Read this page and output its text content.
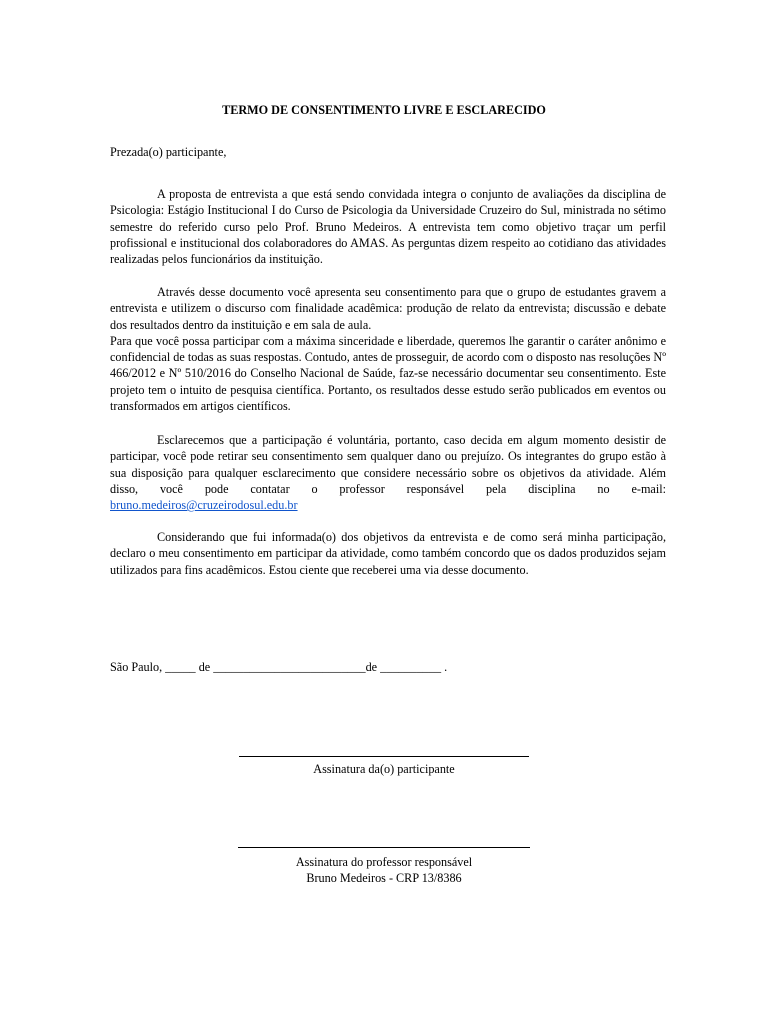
TERMO DE CONSENTIMENTO LIVRE E ESCLARECIDO

Prezada(o) participante,

A proposta de entrevista a que está sendo convidada integra o conjunto de avaliações da disciplina de Psicologia: Estágio Institucional I do Curso de Psicologia da Universidade Cruzeiro do Sul, ministrada no sétimo semestre do referido curso pelo Prof. Bruno Medeiros. A entrevista tem como objetivo traçar um perfil profissional e institucional dos colaboradores do AMAS. As perguntas dizem respeito ao cotidiano das atividades realizadas pelos funcionários da instituição.

Através desse documento você apresenta seu consentimento para que o grupo de estudantes gravem a entrevista e utilizem o discurso com finalidade acadêmica: produção de relato da entrevista; discussão e debate dos resultados dentro da instituição e em sala de aula.

Para que você possa participar com a máxima sinceridade e liberdade, queremos lhe garantir o caráter anônimo e confidencial de todas as suas respostas. Contudo, antes de prosseguir, de acordo com o disposto nas resoluções Nº 466/2012 e Nº 510/2016 do Conselho Nacional de Saúde, faz-se necessário documentar seu consentimento. Este projeto tem o intuito de pesquisa científica. Portanto, os resultados desse estudo serão publicados em eventos ou transformados em artigos científicos.

Esclarecemos que a participação é voluntária, portanto, caso decida em algum momento desistir de participar, você pode retirar seu consentimento sem qualquer dano ou prejuízo. Os integrantes do grupo estão à sua disposição para qualquer esclarecimento que considere necessário sobre os objetivos da atividade. Além disso, você pode contatar o professor responsável pela disciplina no e-mail: bruno.medeiros@cruzeirodosul.edu.br

Considerando que fui informada(o) dos objetivos da entrevista e de como será minha participação, declaro o meu consentimento em participar da atividade, como também concordo que os dados produzidos sejam utilizados para fins acadêmicos. Estou ciente que receberei uma via desse documento.

São Paulo, _____ de _________________________de __________ .

Assinatura da(o) participante
Assinatura do professor responsável
Bruno Medeiros - CRP 13/8386
